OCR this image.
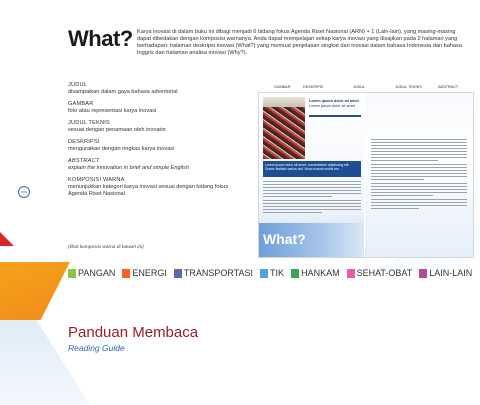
What? Karya inovasi di dalam buku ini dibagi menjadi 6 bidang fokus Agenda Riset Nasional (ARN) + 1 (Lain-lain), yang masing-masing dapat dibedakan dengan komposisi warnanya. Anda dapat mempelajari setiap karya inovasi yang disajikan pada 2 halaman yang berhadapan: halaman deskripsi inovasi (What?) yang memuat penjelasan singkat dari inovasi dalam bahasa Indonesia dan bahasa Inggris dan halaman analisa inovasi (Why?).
JUDUL
disampaikan dalam gaya bahasa advertorial
GAMBAR
foto atau representasi karya inovasi
JUDUL TEKNIS
sesuai dengan penamaan oleh inovator
DESKRIPSI
menguraikan dengan ringkas karya inovasi
ABSTRACT
explain the innovation in brief and simple English
KOMPOSISI WARNA
menunjukkan kategori karya inovasi sesuai dengan bidang fokus Agenda Riset Nasional
(lihat komposisi warna di bawah ini)
xxiv
GAMBAR	DESKRIPSI	JUDUL	JUDUL TEKNIS	ABSTRACT
Lorem ipsum dolor sit amet
Lorem ipsum dolor sit amet
Lorem ipsum dolor sit amet, consectetuer adipiscing elit. Donec facilisis varius nisl. Nunc mauris mollis ero
What?
PANGAN ENERGI TRANSPORTASI TIK HANKAM SEHAT-OBAT LAIN-LAIN
Panduan Membaca
Reading Guide
